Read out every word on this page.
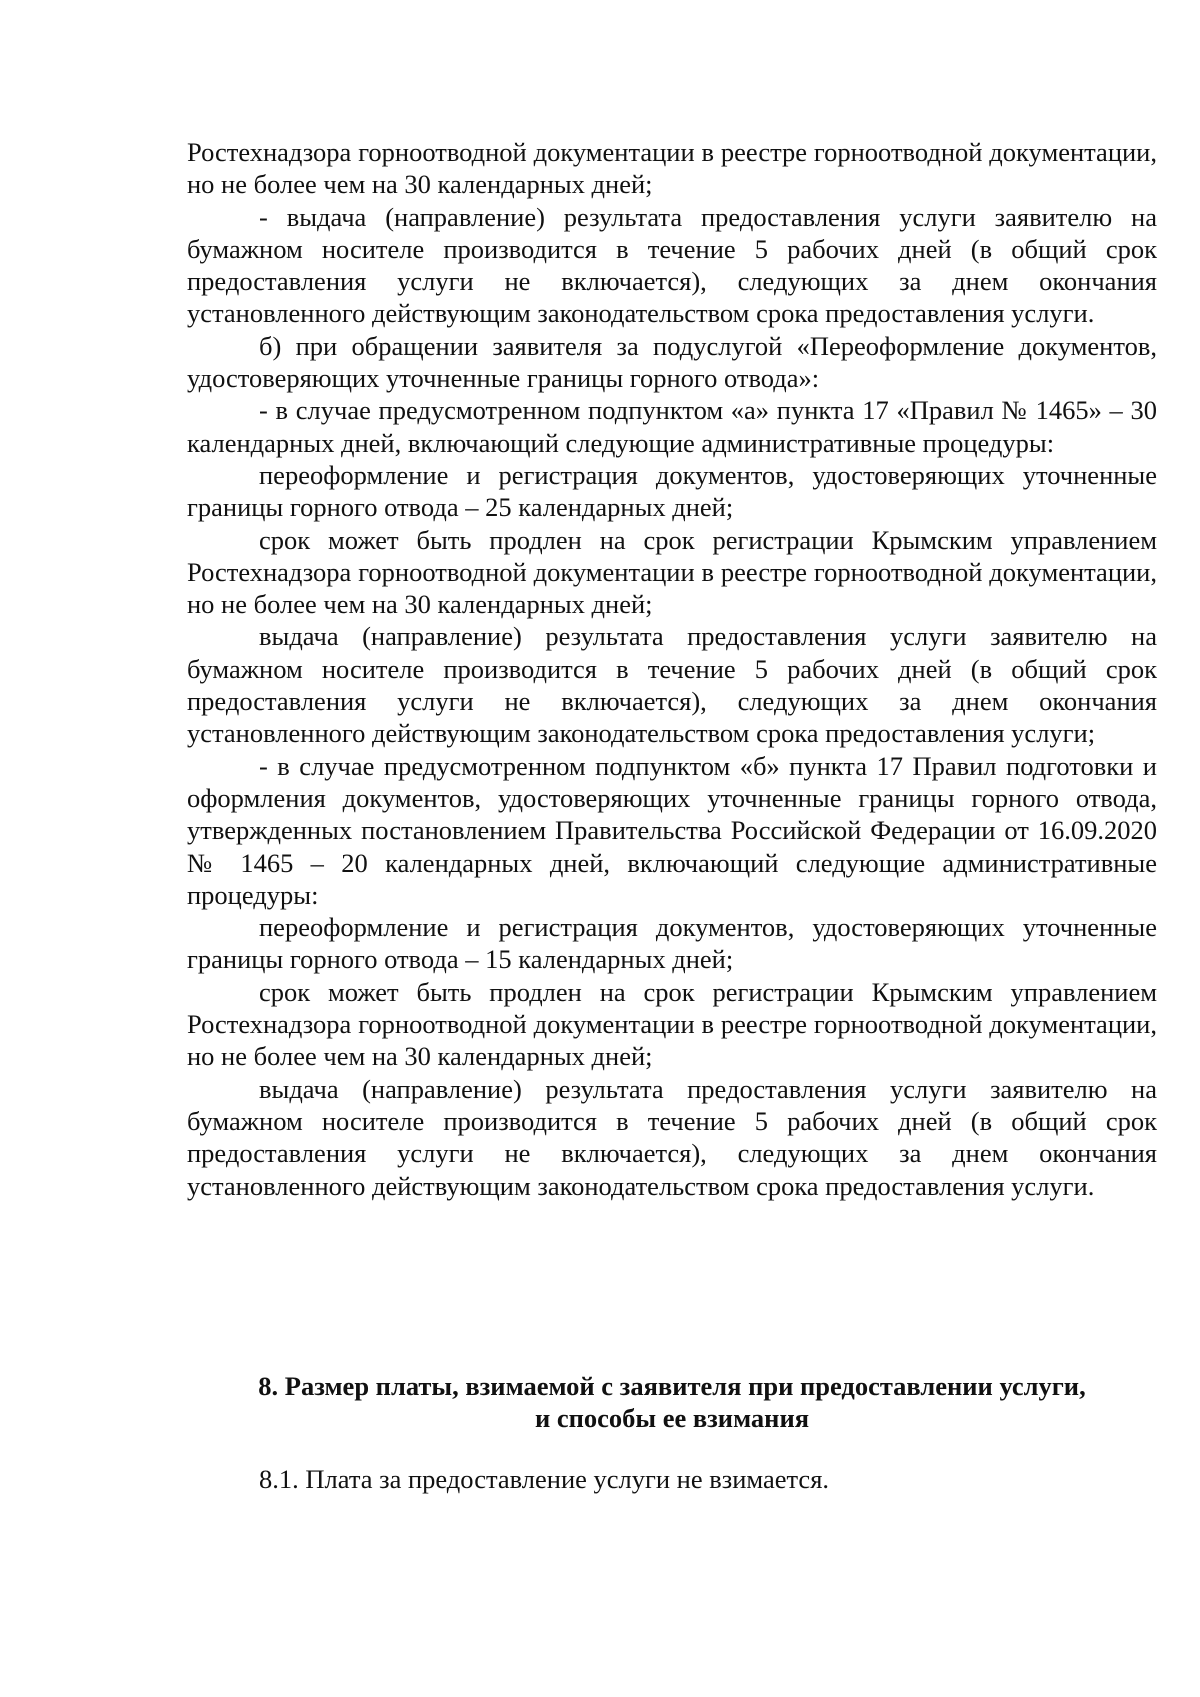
Ростехнадзора горноотводной документации в реестре горноотводной документации, но не более чем на 30 календарных дней;

- выдача (направление) результата предоставления услуги заявителю на бумажном носителе производится в течение 5 рабочих дней (в общий срок предоставления услуги не включается), следующих за днем окончания установленного действующим законодательством срока предоставления услуги.

б) при обращении заявителя за подуслугой «Переоформление документов, удостоверяющих уточненные границы горного отвода»:

- в случае предусмотренном подпунктом «а» пункта 17 «Правил № 1465» – 30 календарных дней, включающий следующие административные процедуры:

переоформление и регистрация документов, удостоверяющих уточненные границы горного отвода – 25 календарных дней;

срок может быть продлен на срок регистрации Крымским управлением Ростехнадзора горноотводной документации в реестре горноотводной документации, но не более чем на 30 календарных дней;

выдача (направление) результата предоставления услуги заявителю на бумажном носителе производится в течение 5 рабочих дней (в общий срок предоставления услуги не включается), следующих за днем окончания установленного действующим законодательством срока предоставления услуги;

- в случае предусмотренном подпунктом «б» пункта 17 Правил подготовки и оформления документов, удостоверяющих уточненные границы горного отвода, утвержденных постановлением Правительства Российской Федерации от 16.09.2020 № 1465 – 20 календарных дней, включающий следующие административные процедуры:

переоформление и регистрация документов, удостоверяющих уточненные границы горного отвода – 15 календарных дней;

срок может быть продлен на срок регистрации Крымским управлением Ростехнадзора горноотводной документации в реестре горноотводной документации, но не более чем на 30 календарных дней;

выдача (направление) результата предоставления услуги заявителю на бумажном носителе производится в течение 5 рабочих дней (в общий срок предоставления услуги не включается), следующих за днем окончания установленного действующим законодательством срока предоставления услуги.

8. Размер платы, взимаемой с заявителя при предоставлении услуги,
и способы ее взимания
8.1. Плата за предоставление услуги не взимается.
